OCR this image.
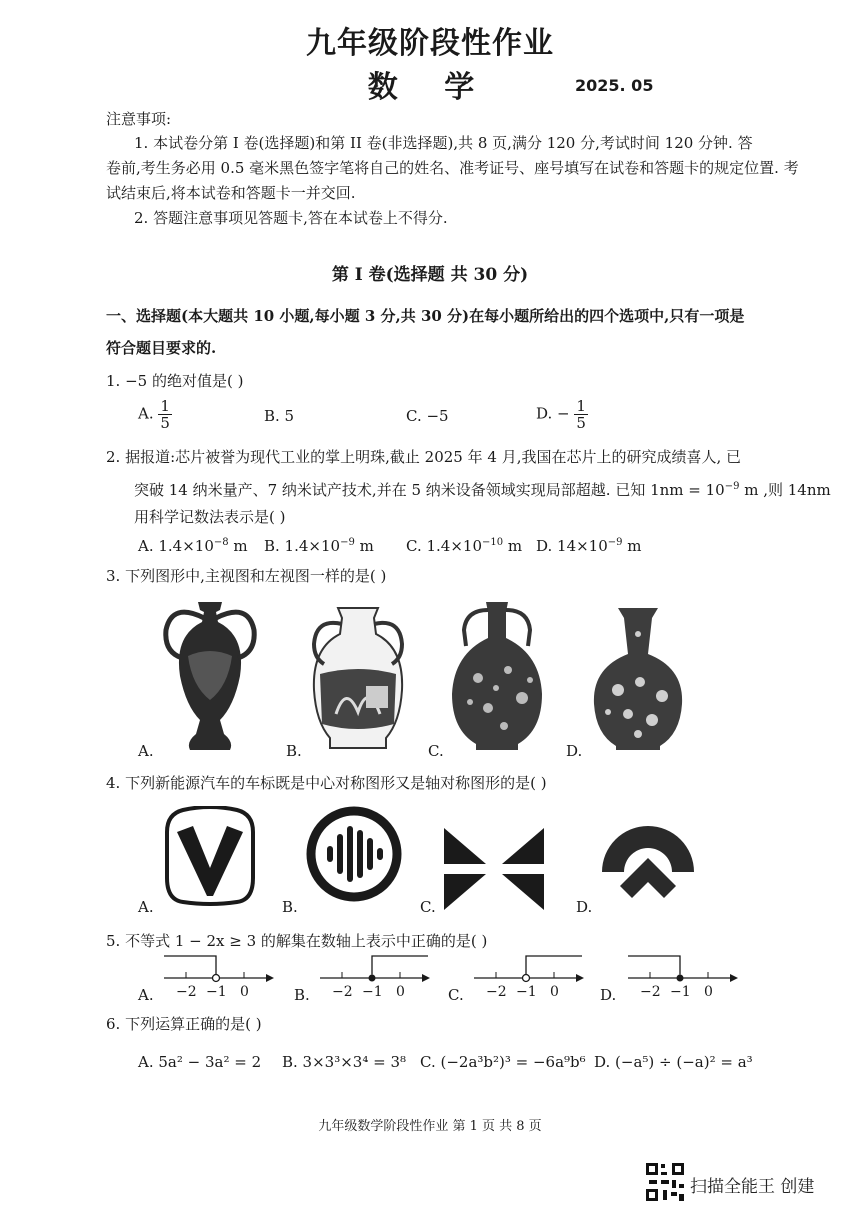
九年级阶段性作业
数 学	2025. 05
注意事项:
1. 本试卷分第 I 卷(选择题)和第 II 卷(非选择题),共 8 页,满分 120 分,考试时间 120 分钟. 答
卷前,考生务必用 0.5 毫米黑色签字笔将自己的姓名、准考证号、座号填写在试卷和答题卡的规定位置. 考
试结束后,将本试卷和答题卡一并交回.
2. 答题注意事项见答题卡,答在本试卷上不得分.
第 I 卷(选择题 共 30 分)
一、选择题(本大题共 10 小题,每小题 3 分,共 30 分)在每小题所给出的四个选项中,只有一项是
符合题目要求的.
1. −5 的绝对值是( )
A. $\frac{1}{5}$	B. 5	C. −5	D. − $\frac{1}{5}$
2. 据报道:芯片被誉为现代工业的掌上明珠,截止 2025 年 4 月,我国在芯片上的研究成绩喜人, 已
突破 14 纳米量产、7 纳米试产技术,并在 5 纳米设备领域实现局部超越. 已知 $1nm = 10^{-9}$ m ,则 14nm
用科学记数法表示是( )
A. $1.4\times 10^{-8}$ m B. $1.4\times 10^{-9}$ m C. $1.4\times 10^{-10}$ m D. $14\times 10^{-9}$ m
3. 下列图形中,主视图和左视图一样的是( )
A.	B.	C.	D.
4. 下列新能源汽车的车标既是中心对称图形又是轴对称图形的是( )
A.	B.	C.	D.
5. 不等式 1 − 2x ≥ 3 的解集在数轴上表示中正确的是( )
A. −2 −1 0	B. −2 −1 0	C. −2 −1 0	D. −2 −1 0
6. 下列运算正确的是( )
A. 5a² − 3a² = 2 B. 3×3³×3⁴ = 3⁸ C. (−2a³b²)³ = −6a⁹b⁶ D. (−a⁵) ÷ (−a)² = a³
九年级数学阶段性作业 第 1 页 共 8 页
扫描全能王 创建
